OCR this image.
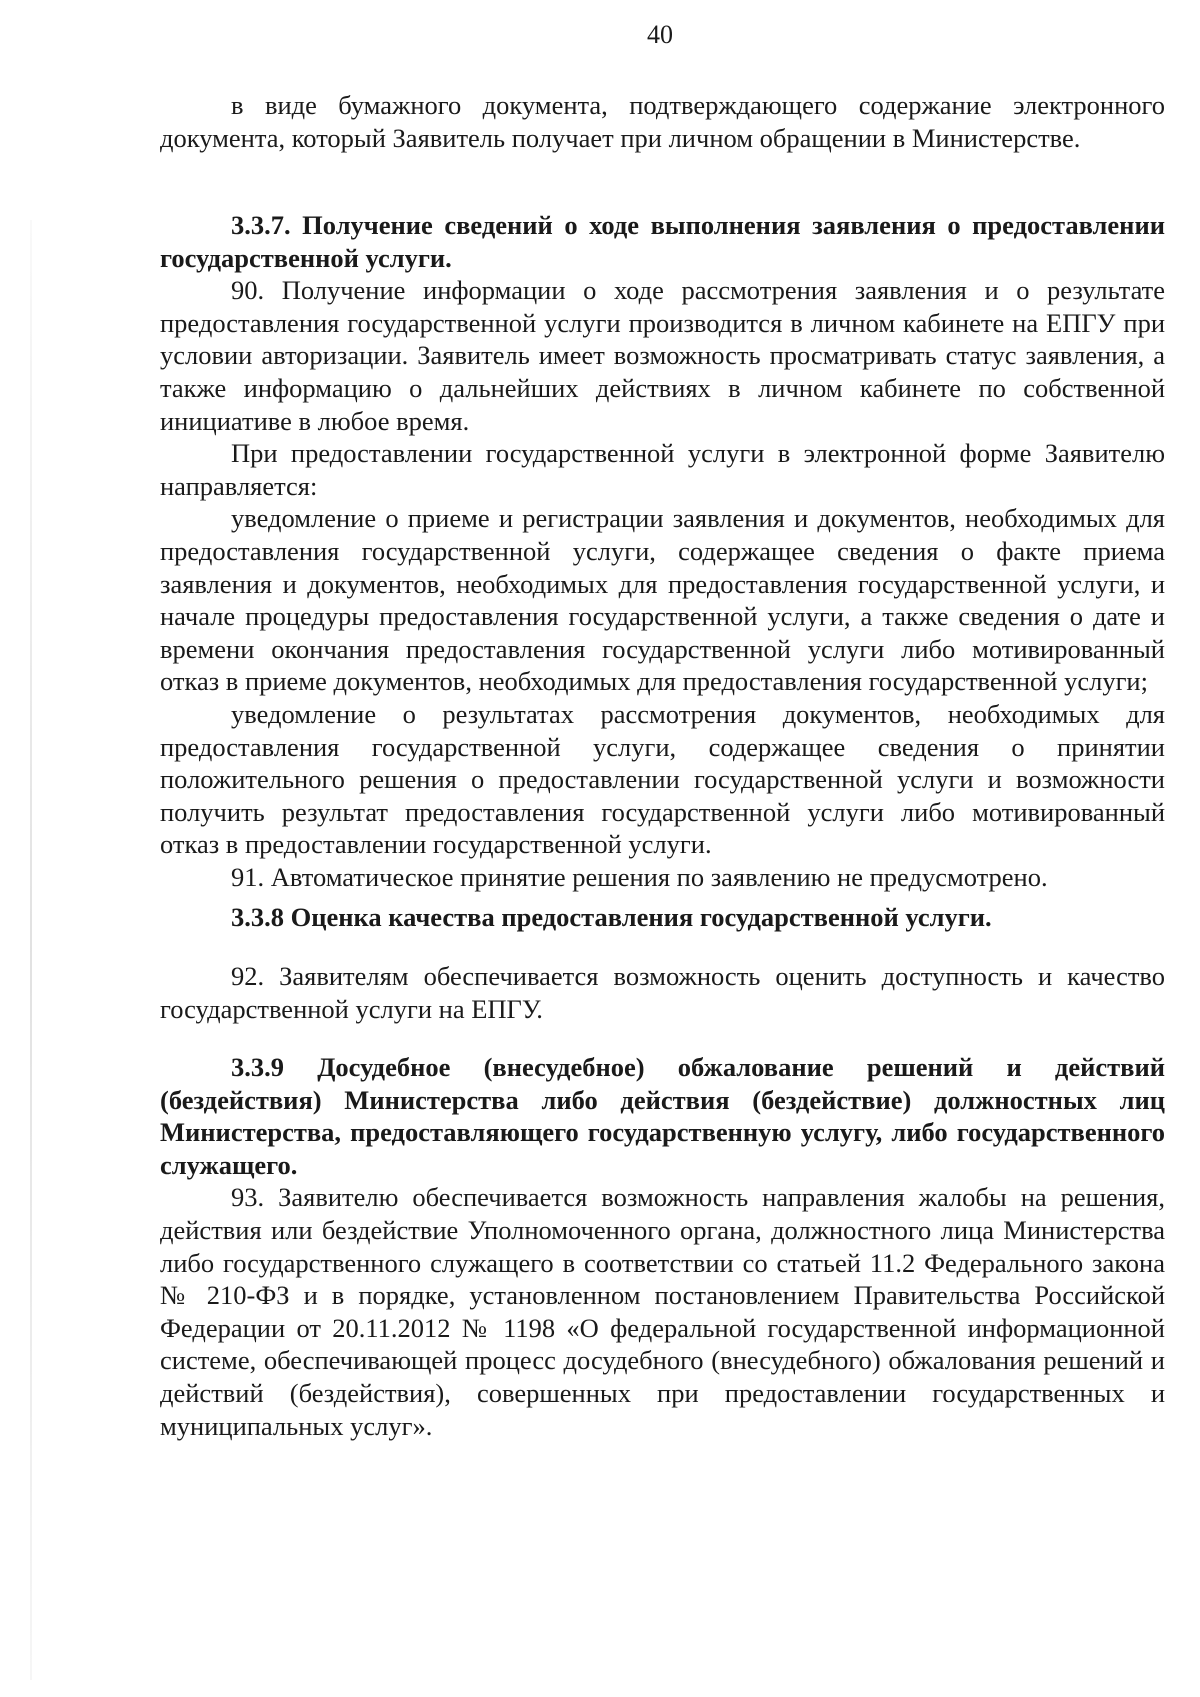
40

в виде бумажного документа, подтверждающего содержание электронного документа, который Заявитель получает при личном обращении в Министерстве.

3.3.7. Получение сведений о ходе выполнения заявления о предоставлении государственной услуги.

90. Получение информации о ходе рассмотрения заявления и о результате предоставления государственной услуги производится в личном кабинете на ЕПГУ при условии авторизации. Заявитель имеет возможность просматривать статус заявления, а также информацию о дальнейших действиях в личном кабинете по собственной инициативе в любое время.

При предоставлении государственной услуги в электронной форме Заявителю направляется:

уведомление о приеме и регистрации заявления и документов, необходимых для предоставления государственной услуги, содержащее сведения о факте приема заявления и документов, необходимых для предоставления государственной услуги, и начале процедуры предоставления государственной услуги, а также сведения о дате и времени окончания предоставления государственной услуги либо мотивированный отказ в приеме документов, необходимых для предоставления государственной услуги;

уведомление о результатах рассмотрения документов, необходимых для предоставления государственной услуги, содержащее сведения о принятии положительного решения о предоставлении государственной услуги и возможности получить результат предоставления государственной услуги либо мотивированный отказ в предоставлении государственной услуги.

91. Автоматическое принятие решения по заявлению не предусмотрено.

3.3.8 Оценка качества предоставления государственной услуги.

92. Заявителям обеспечивается возможность оценить доступность и качество государственной услуги на ЕПГУ.

3.3.9 Досудебное (внесудебное) обжалование решений и действий (бездействия) Министерства либо действия (бездействие) должностных лиц Министерства, предоставляющего государственную услугу, либо государственного служащего.

93. Заявителю обеспечивается возможность направления жалобы на решения, действия или бездействие Уполномоченного органа, должностного лица Министерства либо государственного служащего в соответствии со статьей 11.2 Федерального закона № 210-ФЗ и в порядке, установленном постановлением Правительства Российской Федерации от 20.11.2012 № 1198 «О федеральной государственной информационной системе, обеспечивающей процесс досудебного (внесудебного) обжалования решений и действий (бездействия), совершенных при предоставлении государственных и муниципальных услуг».
